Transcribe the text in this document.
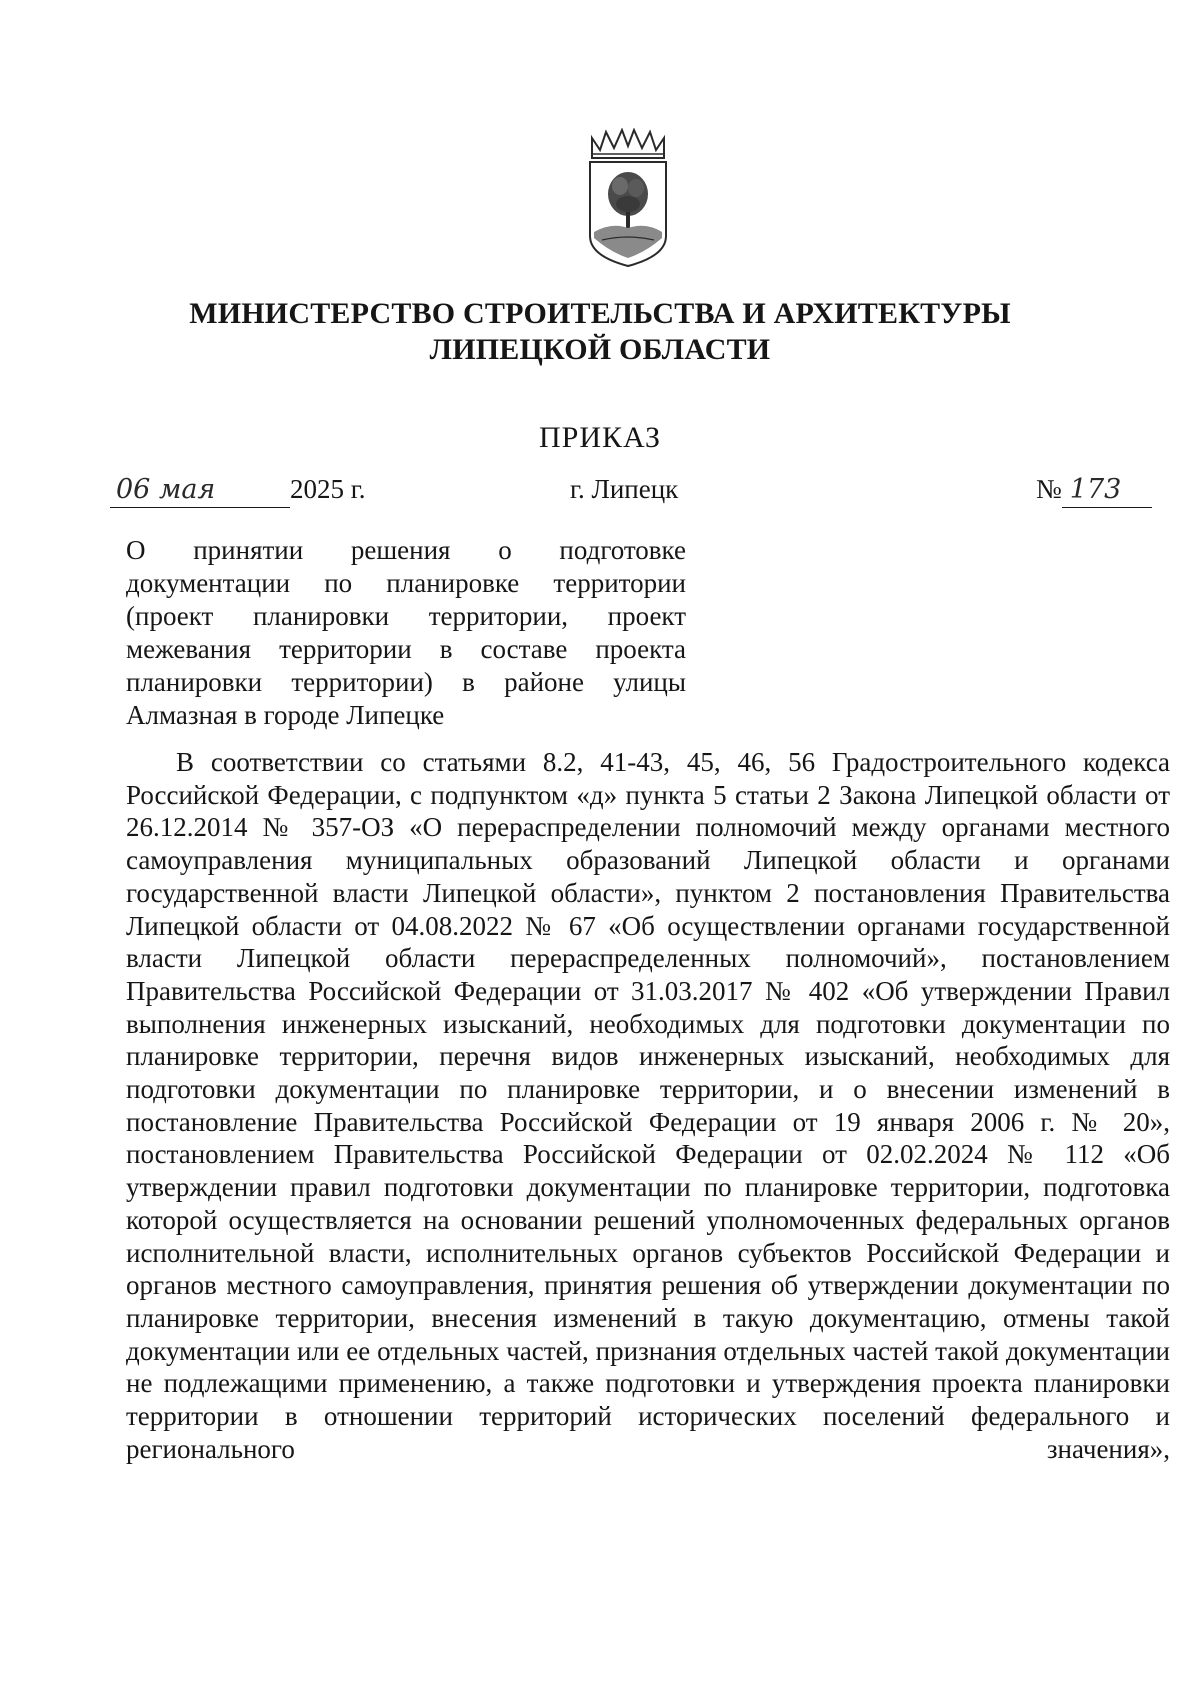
МИНИСТЕРСТВО СТРОИТЕЛЬСТВА И АРХИТЕКТУРЫ
ЛИПЕЦКОЙ ОБЛАСТИ
ПРИКАЗ
06 мая	2025 г.	г. Липецк	№ 173

О принятии решения о подготовке документации по планировке территории (проект планировки территории, проект межевания территории в составе проекта планировки территории) в районе улицы Алмазная в городе Липецке

В соответствии со статьями 8.2, 41-43, 45, 46, 56 Градостроительного кодекса Российской Федерации, с подпунктом «д» пункта 5 статьи 2 Закона Липецкой области от 26.12.2014 № 357-ОЗ «О перераспределении полномочий между органами местного самоуправления муниципальных образований Липецкой области и органами государственной власти Липецкой области», пунктом 2 постановления Правительства Липецкой области от 04.08.2022 № 67 «Об осуществлении органами государственной власти Липецкой области перераспределенных полномочий», постановлением Правительства Российской Федерации от 31.03.2017 № 402 «Об утверждении Правил выполнения инженерных изысканий, необходимых для подготовки документации по планировке территории, перечня видов инженерных изысканий, необходимых для подготовки документации по планировке территории, и о внесении изменений в постановление Правительства Российской Федерации от 19 января 2006 г. № 20», постановлением Правительства Российской Федерации от 02.02.2024 № 112 «Об утверждении правил подготовки документации по планировке территории, подготовка которой осуществляется на основании решений уполномоченных федеральных органов исполнительной власти, исполнительных органов субъектов Российской Федерации и органов местного самоуправления, принятия решения об утверждении документации по планировке территории, внесения изменений в такую документацию, отмены такой документации или ее отдельных частей, признания отдельных частей такой документации не подлежащими применению, а также подготовки и утверждения проекта планировки территории в отношении территорий исторических поселений федерального и регионального значения»,
